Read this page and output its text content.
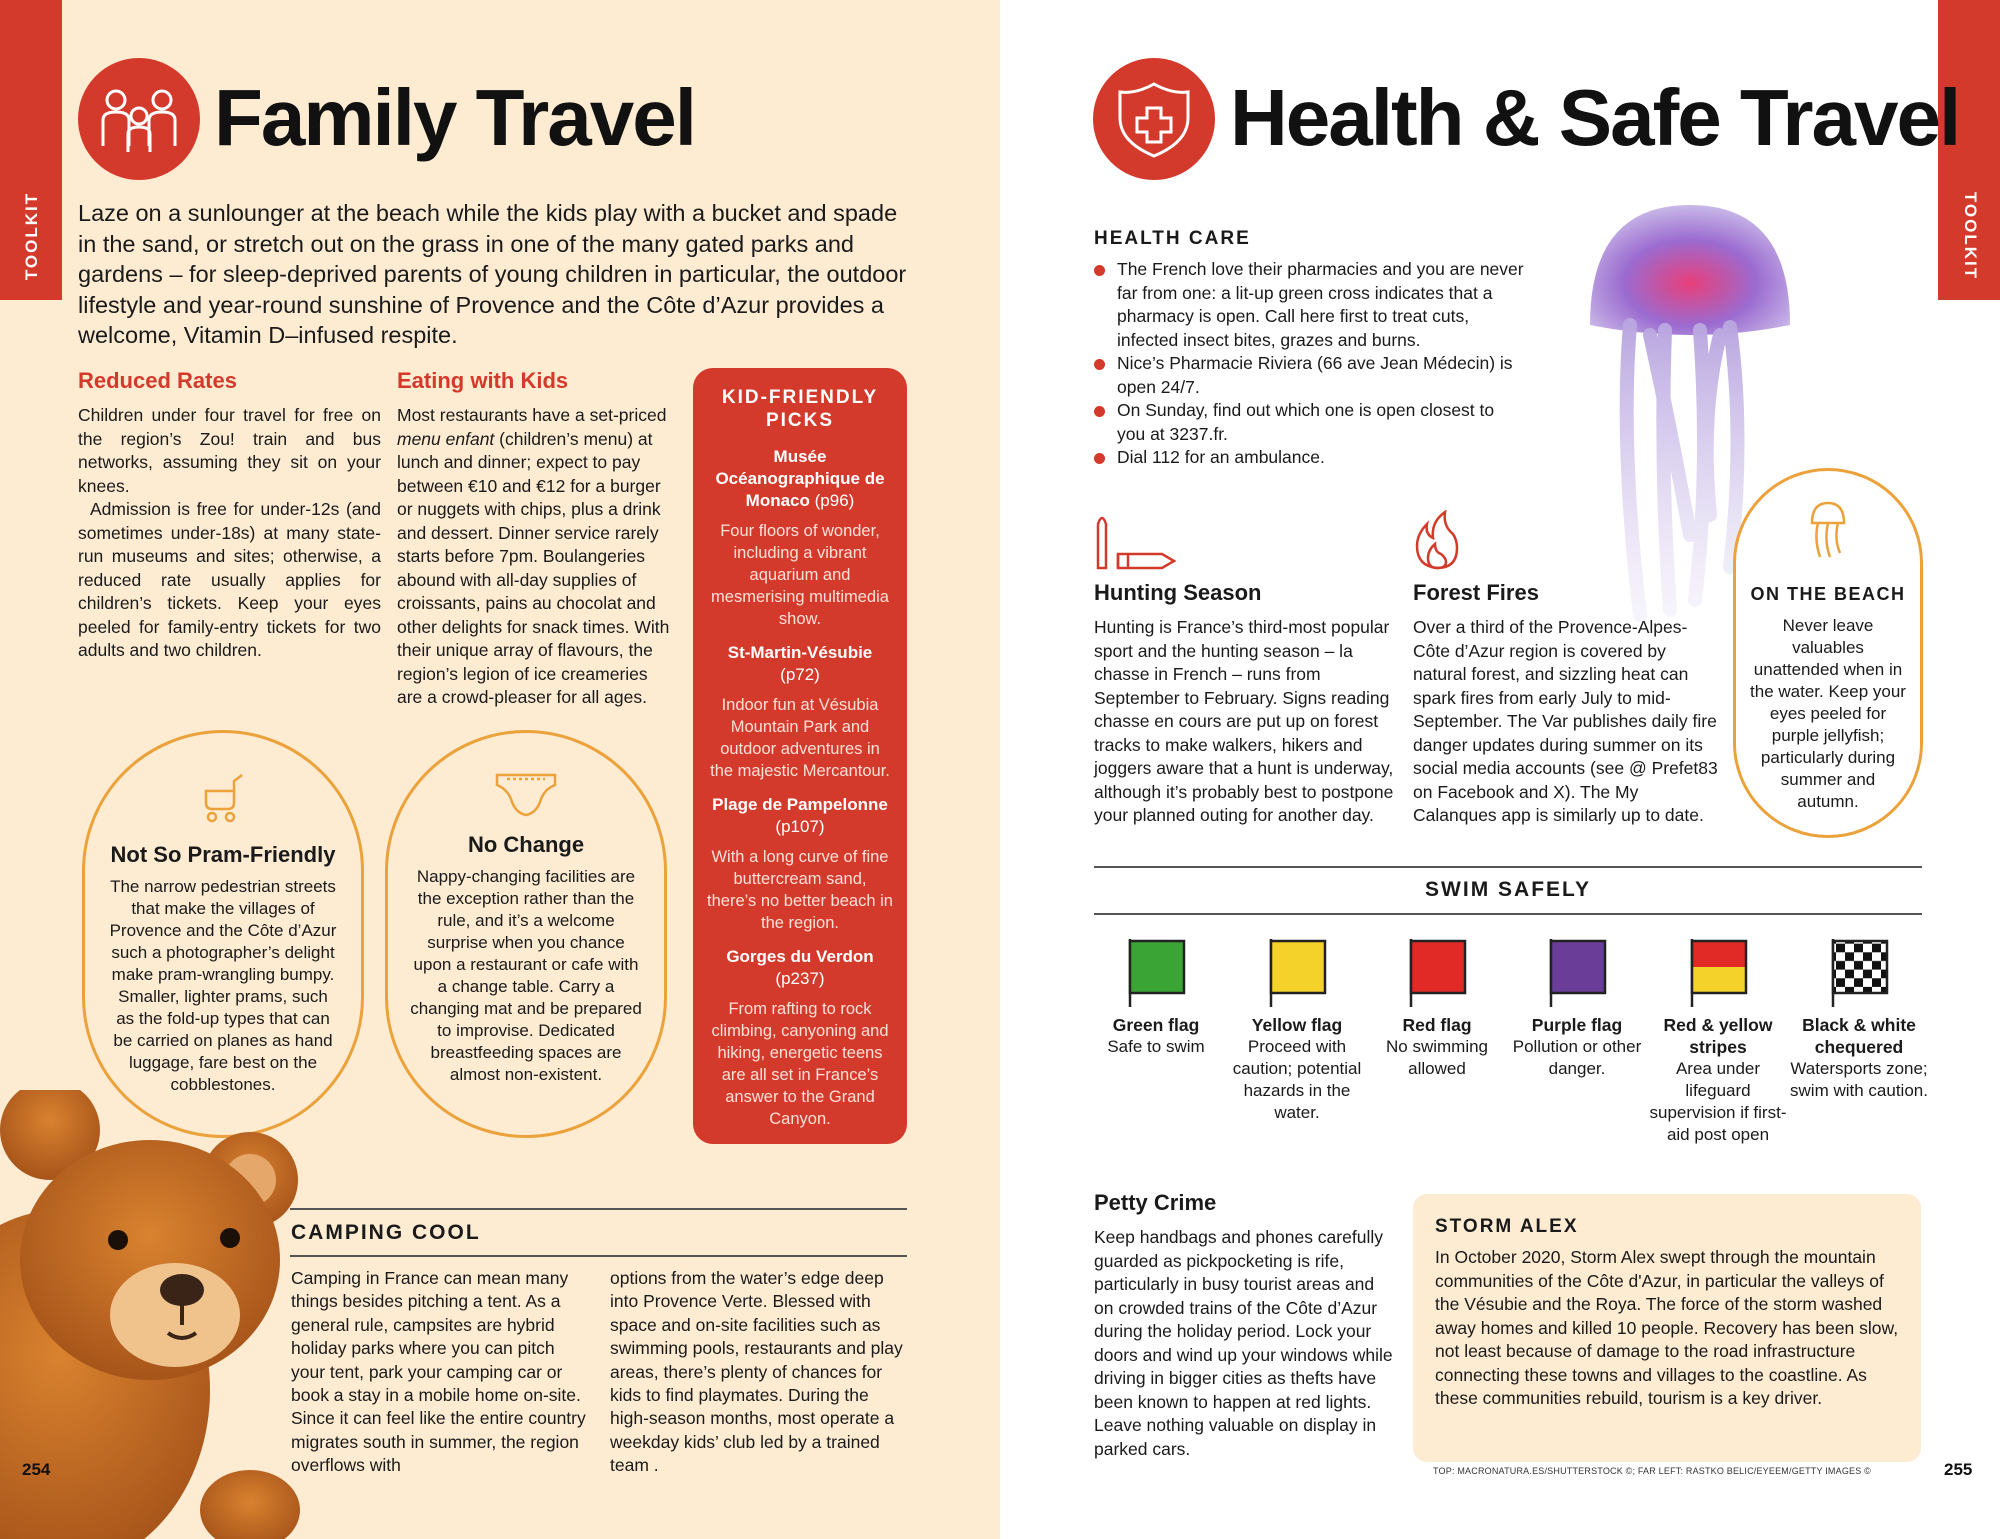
TOOLKIT
Family Travel

Laze on a sunlounger at the beach while the kids play with a bucket and spade in the sand, or stretch out on the grass in one of the many gated parks and gardens – for sleep-deprived parents of young children in particular, the outdoor lifestyle and year-round sunshine of Provence and the Côte d’Azur provides a welcome, Vitamin D–infused respite.

Reduced Rates

Children under four travel for free on the region’s Zou! train and bus networks, assuming they sit on your knees.

Admission is free for under-12s (and sometimes under-18s) at many state-run museums and sites; otherwise, a reduced rate usually applies for children’s tickets. Keep your eyes peeled for family-entry tickets for two adults and two children.

Eating with Kids

Most restaurants have a set-priced menu enfant (children’s menu) at lunch and dinner; expect to pay between €10 and €12 for a burger or nuggets with chips, plus a drink and dessert. Dinner service rarely starts before 7pm. Boulangeries abound with all-day supplies of croissants, pains au chocolat and other delights for snack times. With their unique array of flavours, the region’s legion of ice creameries are a crowd-pleaser for all ages.

KID-FRIENDLY PICKS
Musée Océanographique de Monaco (p96)
Four floors of wonder, including a vibrant aquarium and mesmerising multimedia show.
St-Martin-Vésubie (p72)
Indoor fun at Vésubia Mountain Park and outdoor adventures in the majestic Mercantour.
Plage de Pampelonne (p107)
With a long curve of fine buttercream sand, there’s no better beach in the region.
Gorges du Verdon (p237)
From rafting to rock climbing, canyoning and hiking, energetic teens are all set in France’s answer to the Grand Canyon.
Not So Pram-Friendly

The narrow pedestrian streets that make the villages of Provence and the Côte d’Azur such a photographer’s delight make pram-wrangling bumpy. Smaller, lighter prams, such as the fold-up types that can be carried on planes as hand luggage, fare best on the cobblestones.

No Change

Nappy-changing facilities are the exception rather than the rule, and it’s a welcome surprise when you chance upon a restaurant or cafe with a change table. Carry a changing mat and be prepared to improvise. Dedicated breastfeeding spaces are almost non-existent.

CAMPING COOL

Camping in France can mean many things besides pitching a tent. As a general rule, campsites are hybrid holiday parks where you can pitch your tent, park your camping car or book a stay in a mobile home on-site. Since it can feel like the entire country migrates south in summer, the region overflows with

options from the water’s edge deep into Provence Verte. Blessed with space and on-site facilities such as swimming pools, restaurants and play areas, there’s plenty of chances for kids to find playmates. During the high-season months, most operate a weekday kids’ club led by a trained team .

254
TOOLKIT
Health & Safe Travel
HEALTH CARE

The French love their pharmacies and you are never far from one: a lit-up green cross indicates that a pharmacy is open. Call here first to treat cuts, infected insect bites, grazes and burns.

Nice’s Pharmacie Riviera (66 ave Jean Médecin) is open 24/7.

On Sunday, find out which one is open closest to you at 3237.fr.

Dial 112 for an ambulance.

Hunting Season

Hunting is France’s third-most popular sport and the hunting season – la chasse in French – runs from September to February. Signs reading chasse en cours are put up on forest tracks to make walkers, hikers and joggers aware that a hunt is underway, although it’s probably best to postpone your planned outing for another day.

Forest Fires

Over a third of the Provence-Alpes-Côte d’Azur region is covered by natural forest, and sizzling heat can spark fires from early July to mid-September. The Var publishes daily fire danger updates during summer on its social media accounts (see @ Prefet83 on Facebook and X). The My Calanques app is similarly up to date.

ON THE BEACH

Never leave valuables unattended when in the water. Keep your eyes peeled for purple jellyfish; particularly during summer and autumn.

SWIM SAFELY
Green flag
Safe to swim
Yellow flag
Proceed with caution; potential hazards in the water.
Red flag
No swimming allowed
Purple flag
Pollution or other danger.
Red & yellow stripes
Area under lifeguard supervision if first-aid post open
Black & white chequered
Watersports zone; swim with caution.
Petty Crime

Keep handbags and phones carefully guarded as pickpocketing is rife, particularly in busy tourist areas and on crowded trains of the Côte d’Azur during the holiday period. Lock your doors and wind up your windows while driving in bigger cities as thefts have been known to happen at red lights. Leave nothing valuable on display in parked cars.

STORM ALEX

In October 2020, Storm Alex swept through the mountain communities of the Côte d'Azur, in particular the valleys of the Vésubie and the Roya. The force of the storm washed away homes and killed 10 people. Recovery has been slow, not least because of damage to the road infrastructure connecting these towns and villages to the coastline. As these communities rebuild, tourism is a key driver.

TOP: MACRONATURA.ES/SHUTTERSTOCK ©; FAR LEFT: RASTKO BELIC/EYEEM/GETTY IMAGES ©	255
